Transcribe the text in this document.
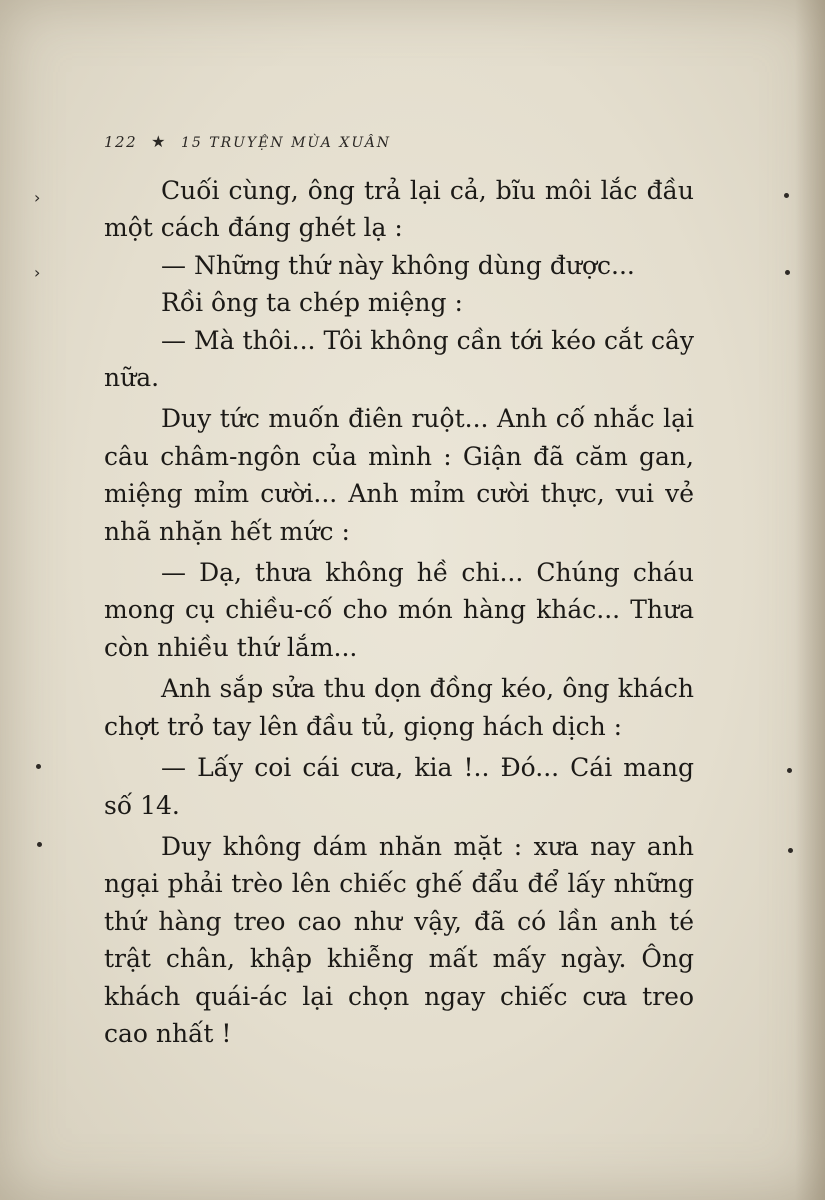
122 ★ 15 TRUYỆN MÙA XUÂN

Cuối cùng, ông trả lại cả, bĩu môi lắc đầu một cách đáng ghét lạ :

— Những thứ này không dùng được...

Rồi ông ta chép miệng :

— Mà thôi... Tôi không cần tới kéo cắt cây nữa.

Duy tức muốn điên ruột... Anh cố nhắc lại câu châm-ngôn của mình : Giận đã căm gan, miệng mỉm cười... Anh mỉm cười thực, vui vẻ nhã nhặn hết mức :

— Dạ, thưa không hề chi... Chúng cháu mong cụ chiều-cố cho món hàng khác... Thưa còn nhiều thứ lắm...

Anh sắp sửa thu dọn đồng kéo, ông khách chợt trỏ tay lên đầu tủ, giọng hách dịch :

— Lấy coi cái cưa, kia !.. Đó... Cái mang số 14.

Duy không dám nhăn mặt : xưa nay anh ngại phải trèo lên chiếc ghế đẩu để lấy những thứ hàng treo cao như vậy, đã có lần anh té trật chân, khập khiễng mất mấy ngày. Ông khách quái-ác lại chọn ngay chiếc cưa treo cao nhất !

›
›
